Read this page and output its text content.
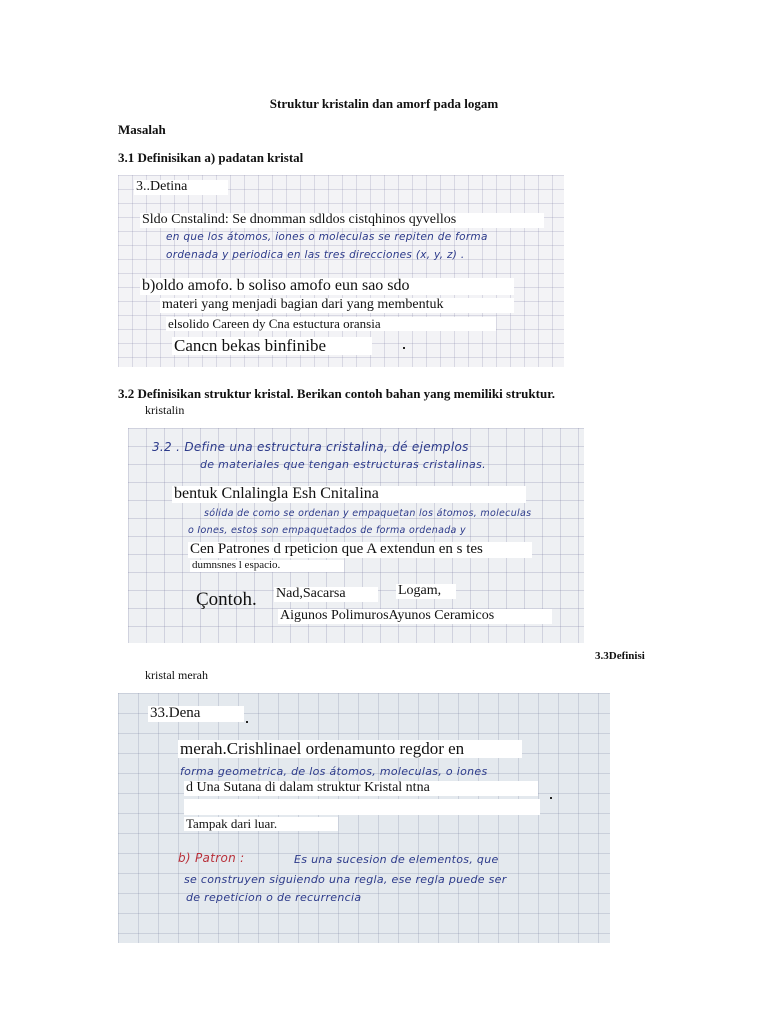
Struktur kristalin dan amorf pada logam
Masalah
3.1 Definisikan a) padatan kristal
3..Detina
Sldo Cnstalind: Se dnomman sdldos cistqhinos qyvellos
en que los átomos, iones o moleculas se repiten de forma
ordenada y periodica en las tres direcciones (x, y, z) .
b)oldo amofo. b soliso amofo eun sao sdo
materi yang menjadi bagian dari yang membentuk
elsolido Careen dy Cna estuctura oransia
Cancn bekas binfinibe
3.2 Definisikan struktur kristal. Berikan contoh bahan yang memiliki struktur.
kristalin
3.2 . Define una estructura cristalina, dé ejemplos
de materiales que tengan estructuras cristalinas.
bentuk Cnlalingla Esh Cnitalina
sólida de como se ordenan y empaquetan los átomos, moleculas
o Iones, estos son empaquetados de forma ordenada y
Cen Patrones d rpeticion que A extendun en s tes
dumnsnes l espacio.
Çontoh.	Nad,Sacarsa	Logam,
Aigunos PolimurosAyunos Ceramicos
3.3Definisi
kristal merah
33.Dena
merah.Crishlinael ordenamunto regdor en
forma geometrica, de los átomos, moleculas, o iones
d Una Sutana di dalam struktur Kristal ntna
Tampak dari luar.
b) Patron :	Es una sucesion de elementos, que
se construyen siguiendo una regla, ese regla puede ser
de repeticion o de recurrencia
